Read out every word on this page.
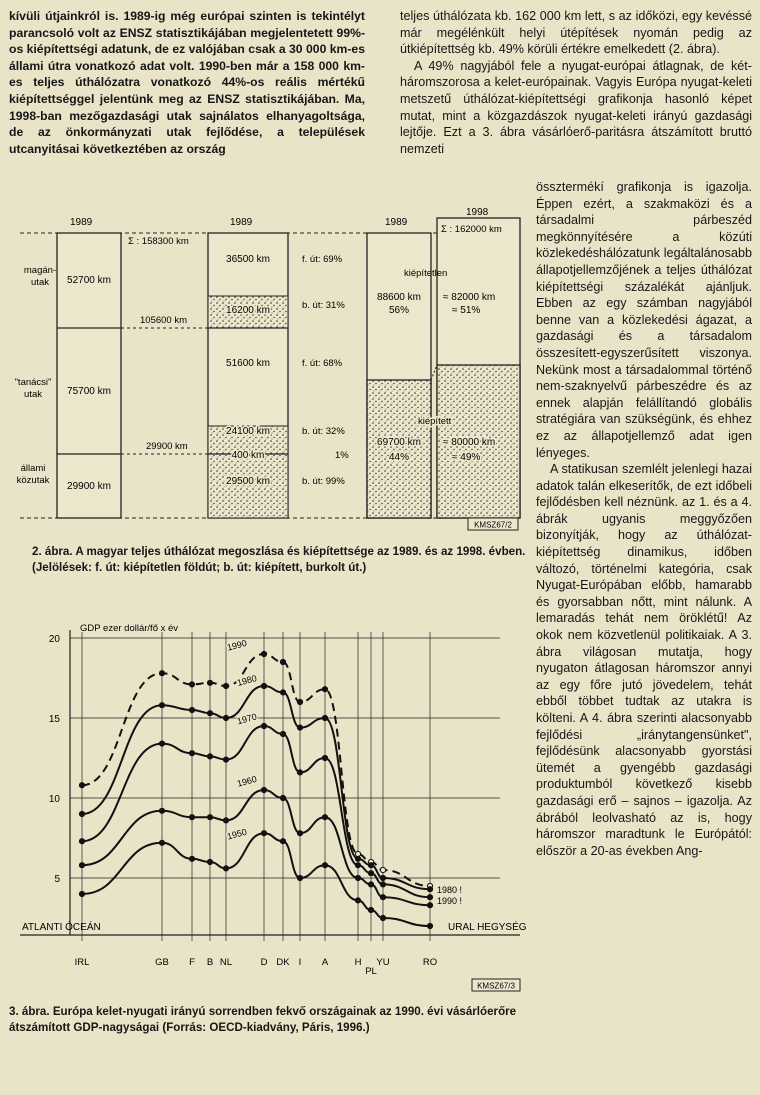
kívüli útjainkról is. 1989-ig még európai szinten is tekintélyt parancsoló volt az ENSZ statisztikájában megjelentetett 99%-os kiépítettségi adatunk, de ez valójában csak a 30 000 km-es állami útra vonatkozó adat volt. 1990-ben már a 158 000 km-es teljes úthálózatra vonatkozó 44%-os reális mértékű kiépítettséggel jelentünk meg az ENSZ statisztikájában. Ma, 1998-ban mezőgazdasági utak sajnálatos elhanyagoltsága, de az önkormányzati utak fejlődése, a települések utcanyitásai következtében az ország

teljes úthálózata kb. 162 000 km lett, s az időközi, egy kevéssé már megélénkült helyi útépítések nyomán pedig az útkiépítettség kb. 49% körüli értékre emelkedett (2. ábra).

A 49% nagyjából fele a nyugat-európai átlagnak, de két-háromszorosa a kelet-európainak. Vagyis Európa nyugat-keleti metszetű úthálózat-kiépítettségi grafikonja hasonló képet mutat, mint a közgazdászok nyugat-keleti irányú gazdasági lejtője. Ezt a 3. ábra vásárlóerő-paritásra átszámított bruttó nemzeti

össztermékí grafikonja is igazolja. Éppen ezért, a szakmaközi és a társadalmi párbeszéd megkönnyítésére a közúti közlekedéshálózatunk legáltalánosabb állapotjellemzőjének a teljes úthálózat kiépítettségi százalékát ajánljuk. Ebben az egy számban nagyjából benne van a közlekedési ágazat, a gazdasági és a társadalom összesített-egyszerűsített viszonya. Nekünk most a társadalommal történő nem-szaknyelvű párbeszédre és az ennek alapján felállítandó globális stratégiára van szükségünk, és ehhez ez az állapotjellemző adat igen lényeges.

A statikusan szemlélt jelenlegi hazai adatok talán elkeserítők, de ezt időbeli fejlődésben kell néznünk. az 1. és a 4. ábrák ugyanis meggyőzően bizonyítják, hogy az úthálózat-kiépítettség dinamikus, időben változó, történelmi kategória, csak Nyugat-Európában előbb, hamarabb és gyorsabban nőtt, mint nálunk. A lemaradás tehát nem öröklétű! Az okok nem közvetlenül politikaiak. A 3. ábra világosan mutatja, hogy nyugaton átlagosan háromszor annyi az egy főre jutó jövedelem, tehát ebből többet tudtak az utakra is költeni. A 4. ábra szerinti alacsonyabb fejlődési „iránytangensünket", fejlődésünk alacsonyabb gyorstási ütemét a gyengébb gazdasági produktumból következő kisebb gazdasági erő – sajnos – igazolja. Az ábrából leolvasható az is, hogy háromszor maradtunk le Európától: először a 20-as években Ang-

1989	1989	1989
1998
magán-
utak
"tanácsi"
utak
állami
közutak
52700 km
75700 km
29900 km
Σ : 158300 km
105600 km
29900 km
36500 km
16200 km
51600 km
24100 km
400 km
29500 km
f. út: 69%
b. út: 31%
f. út: 68%
b. út: 32%
1%
b. út: 99%
Σ : 162000 km
kiépítetlen
88600 km
56%
≈ 82000 km
≈ 51%
kiépített
69700 km
44%
≈ 80000 km
≈ 49%
KMSZ67/2
2. ábra. A magyar teljes úthálózat megoszlása és kiépítettsége az 1989. és az 1998. évben. (Jelölések: f. út: kiépítetlen földút; b. út: kiépített, burkolt út.)
5
10
15
20
IRL	GB F B NL	D DK I A	H
PL
YU	RO
GDP ezer dollár/fő x év
ATLANTI ÓCEÁN	URAL HEGYSÉG
1990
1980
1970
1960
1950
1980 !
1990 !
KMSZ67/3
3. ábra. Európa kelet-nyugati irányú sorrendben fekvő országainak az 1990. évi vásárlóerőre átszámított GDP-nagyságai (Forrás: OECD-kiadvány, Páris, 1996.)
